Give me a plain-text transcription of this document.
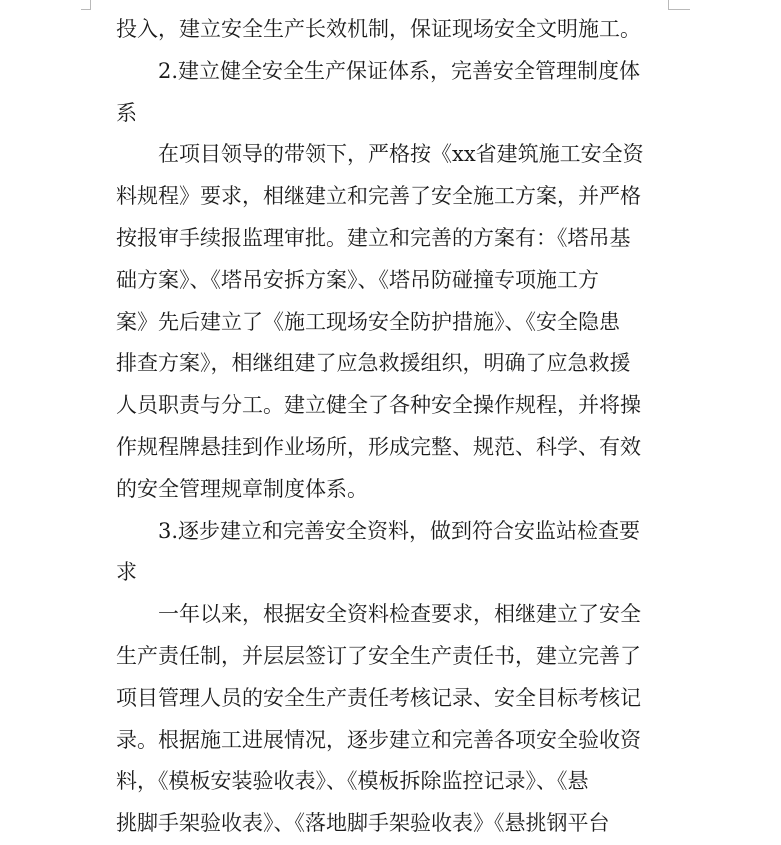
投入，建立安全生产长效机制，保证现场安全文明施工。
2.建立健全安全生产保证体系，完善安全管理制度体
系
在项目领导的带领下，严格按《xx省建筑施工安全资
料规程》要求，相继建立和完善了安全施工方案，并严格
按报审手续报监理审批。建立和完善的方案有：《塔吊基
础方案》、《塔吊安拆方案》、《塔吊防碰撞专项施工方
案》先后建立了《施工现场安全防护措施》、《安全隐患
排查方案》，相继组建了应急救援组织，明确了应急救援
人员职责与分工。建立健全了各种安全操作规程，并将操
作规程牌悬挂到作业场所，形成完整、规范、科学、有效
的安全管理规章制度体系。
3.逐步建立和完善安全资料，做到符合安监站检查要
求
一年以来，根据安全资料检查要求，相继建立了安全
生产责任制，并层层签订了安全生产责任书，建立完善了
项目管理人员的安全生产责任考核记录、安全目标考核记
录。根据施工进展情况，逐步建立和完善各项安全验收资
料，《模板安装验收表》、《模板拆除监控记录》、《悬
挑脚手架验收表》、《落地脚手架验收表》《悬挑钢平台
